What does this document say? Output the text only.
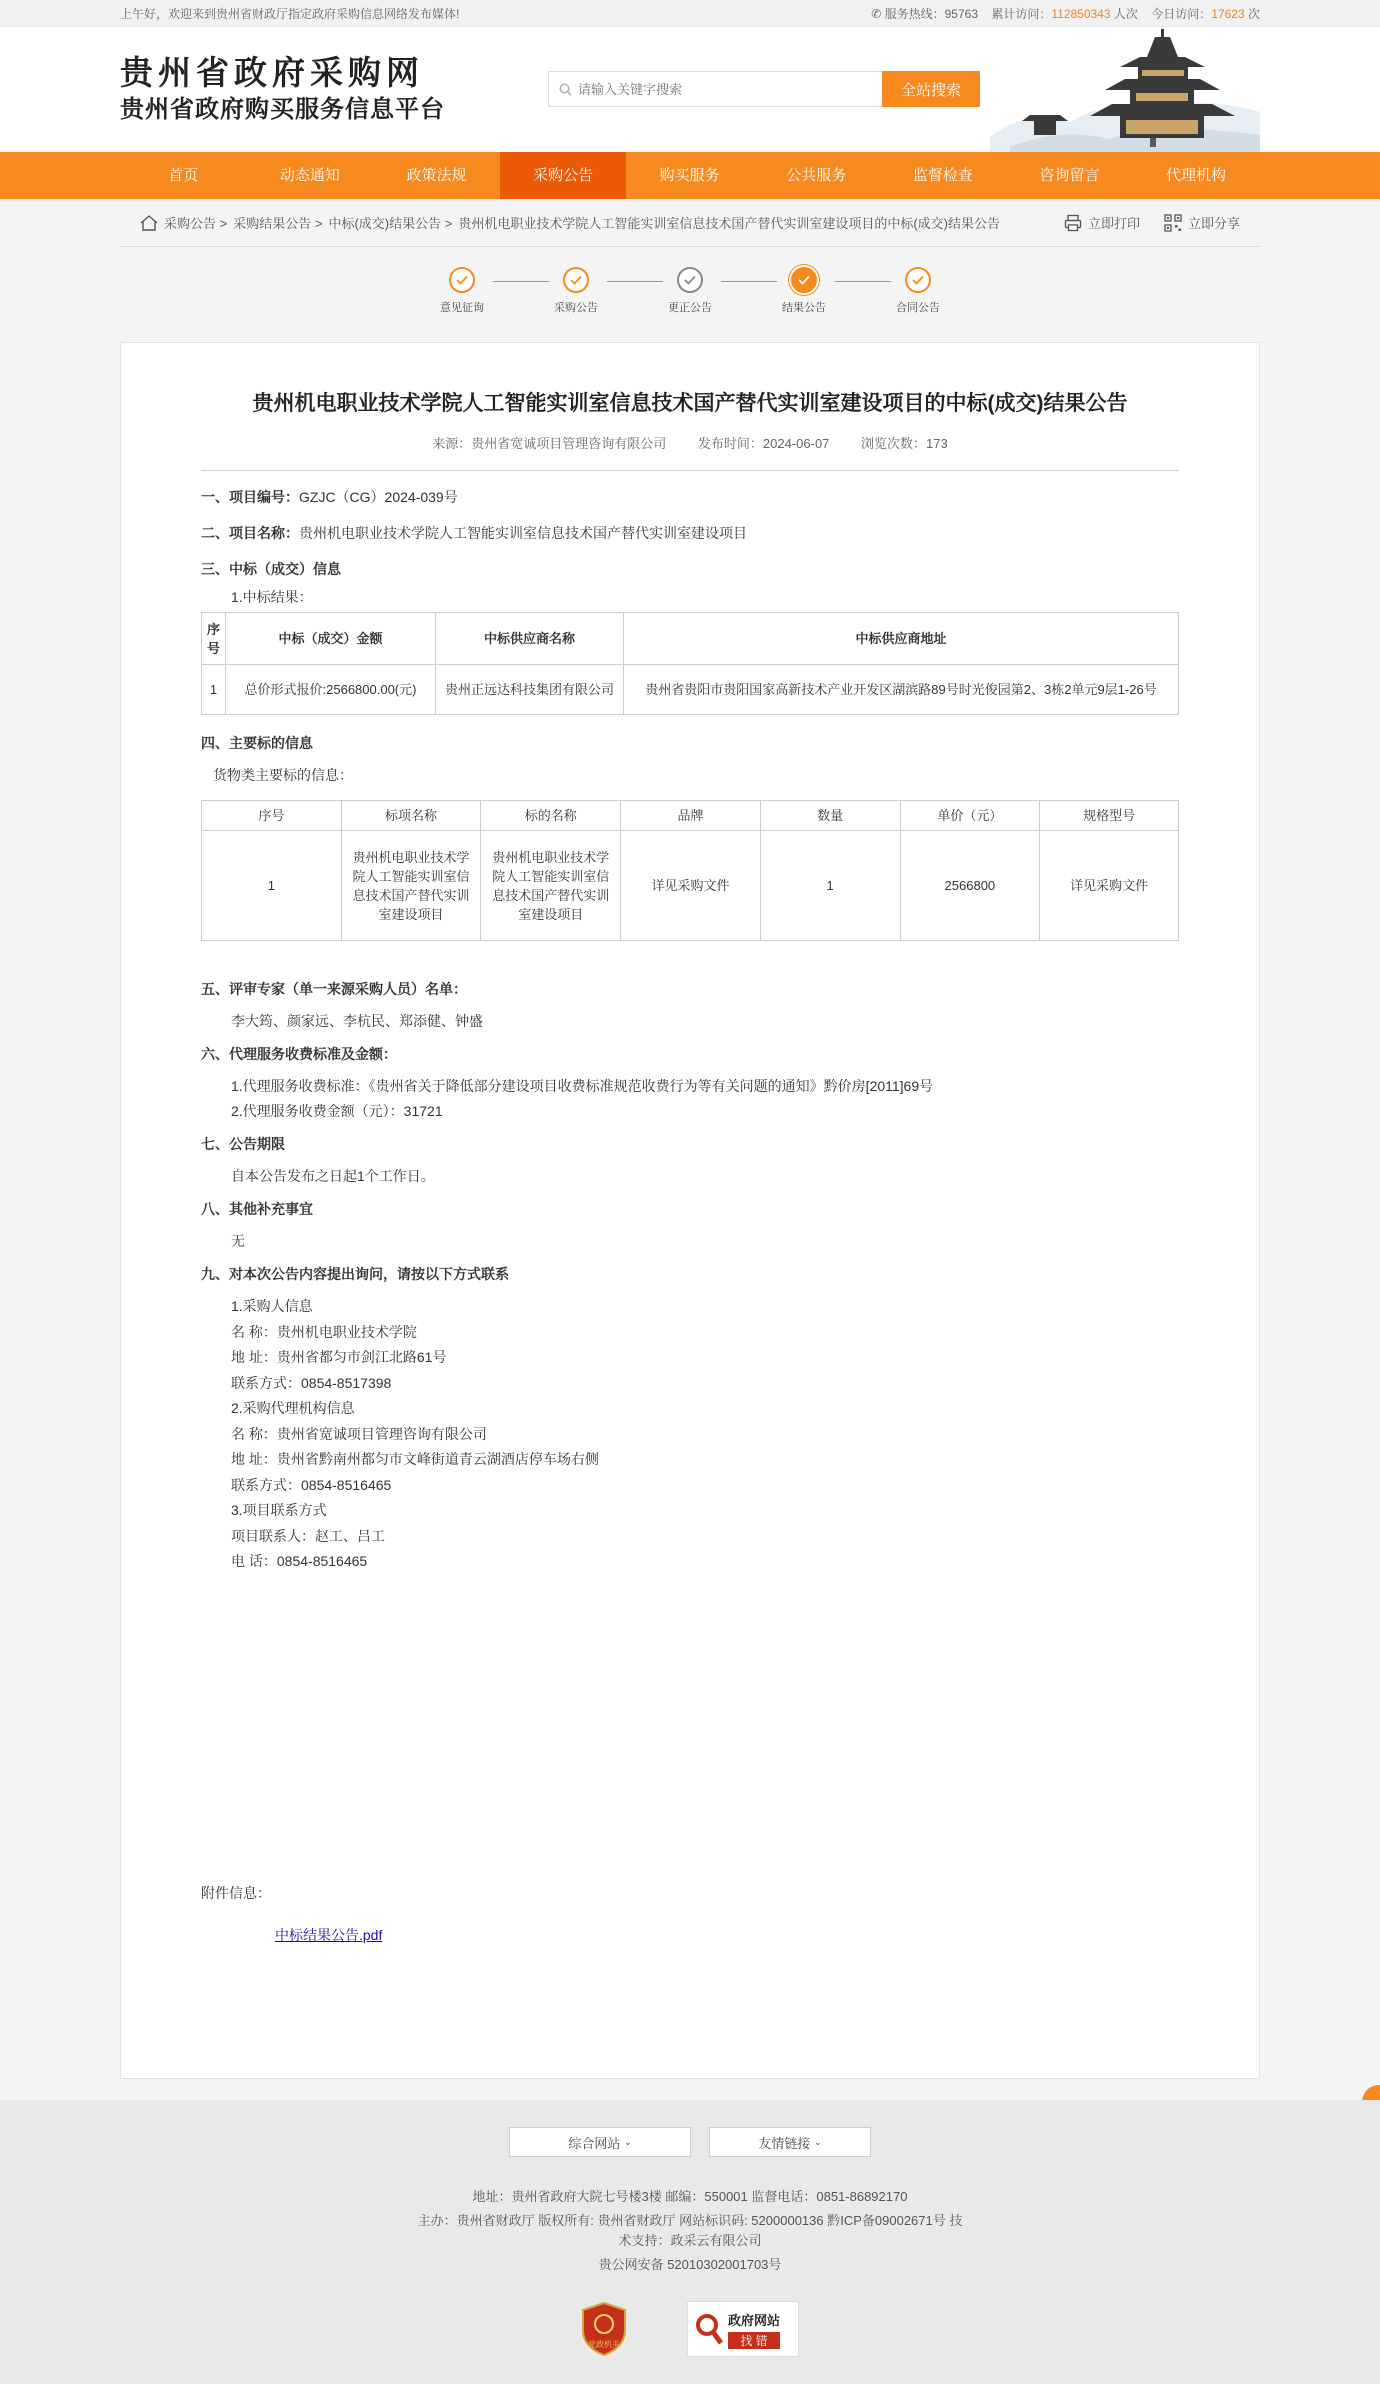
上午好，欢迎来到贵州省财政厅指定政府采购信息网络发布媒体!	✆ 服务热线：95763 累计访问：112850343 人次 今日访问：17623 次
贵州省政府采购网
贵州省政府购买服务信息平台
请输入关键字搜索
全站搜索
首页	动态通知	政策法规	采购公告	购买服务	公共服务	监督检查	咨询留言	代理机构
采购公告 > 采购结果公告 > 中标(成交)结果公告 > 贵州机电职业技术学院人工智能实训室信息技术国产替代实训室建设项目的中标(成交)结果公告	立即打印	立即分享
意见征询	采购公告	更正公告	结果公告	合同公告
贵州机电职业技术学院人工智能实训室信息技术国产替代实训室建设项目的中标(成交)结果公告
来源：贵州省宽诚项目管理咨询有限公司 发布时间：2024-06-07 浏览次数：173
一、项目编号：GZJC（CG）2024-039号
二、项目名称：贵州机电职业技术学院人工智能实训室信息技术国产替代实训室建设项目
三、中标（成交）信息
1.中标结果：
序号	中标（成交）金额	中标供应商名称	中标供应商地址
1	总价形式报价:2566800.00(元)	贵州正远达科技集团有限公司	贵州省贵阳市贵阳国家高新技术产业开发区湖滨路89号时光俊园第2、3栋2单元9层1-26号
四、主要标的信息
货物类主要标的信息：
序号	标项名称	标的名称	品牌	数量	单价（元）	规格型号
1	贵州机电职业技术学院人工智能实训室信息技术国产替代实训室建设项目	贵州机电职业技术学院人工智能实训室信息技术国产替代实训室建设项目	详见采购文件	1	2566800	详见采购文件
五、评审专家（单一来源采购人员）名单：
李大筠、颜家远、李杭民、郑添健、钟盛
六、代理服务收费标准及金额：
1.代理服务收费标准：《贵州省关于降低部分建设项目收费标准规范收费行为等有关问题的通知》黔价房[2011]69号
2.代理服务收费金额（元）：31721
七、公告期限
自本公告发布之日起1个工作日。
八、其他补充事宜
无
九、对本次公告内容提出询问，请按以下方式联系
1.采购人信息
名 称：贵州机电职业技术学院
地 址：贵州省都匀市剑江北路61号
联系方式：0854-8517398
2.采购代理机构信息
名 称：贵州省宽诚项目管理咨询有限公司
地 址：贵州省黔南州都匀市文峰街道青云湖酒店停车场右侧
联系方式：0854-8516465
3.项目联系方式
项目联系人：赵工、吕工
电 话：0854-8516465
附件信息：
中标结果公告.pdf
综合网站
⌄	友情链接
⌄
地址：贵州省政府大院七号楼3楼 邮编：550001 监督电话：0851-86892170
主办：贵州省财政厅 版权所有: 贵州省财政厅 网站标识码: 5200000136 黔ICP备09002671号 技
术支持：政采云有限公司
贵公网安备 52010302001703号
党政机关
政府网站
找 错
